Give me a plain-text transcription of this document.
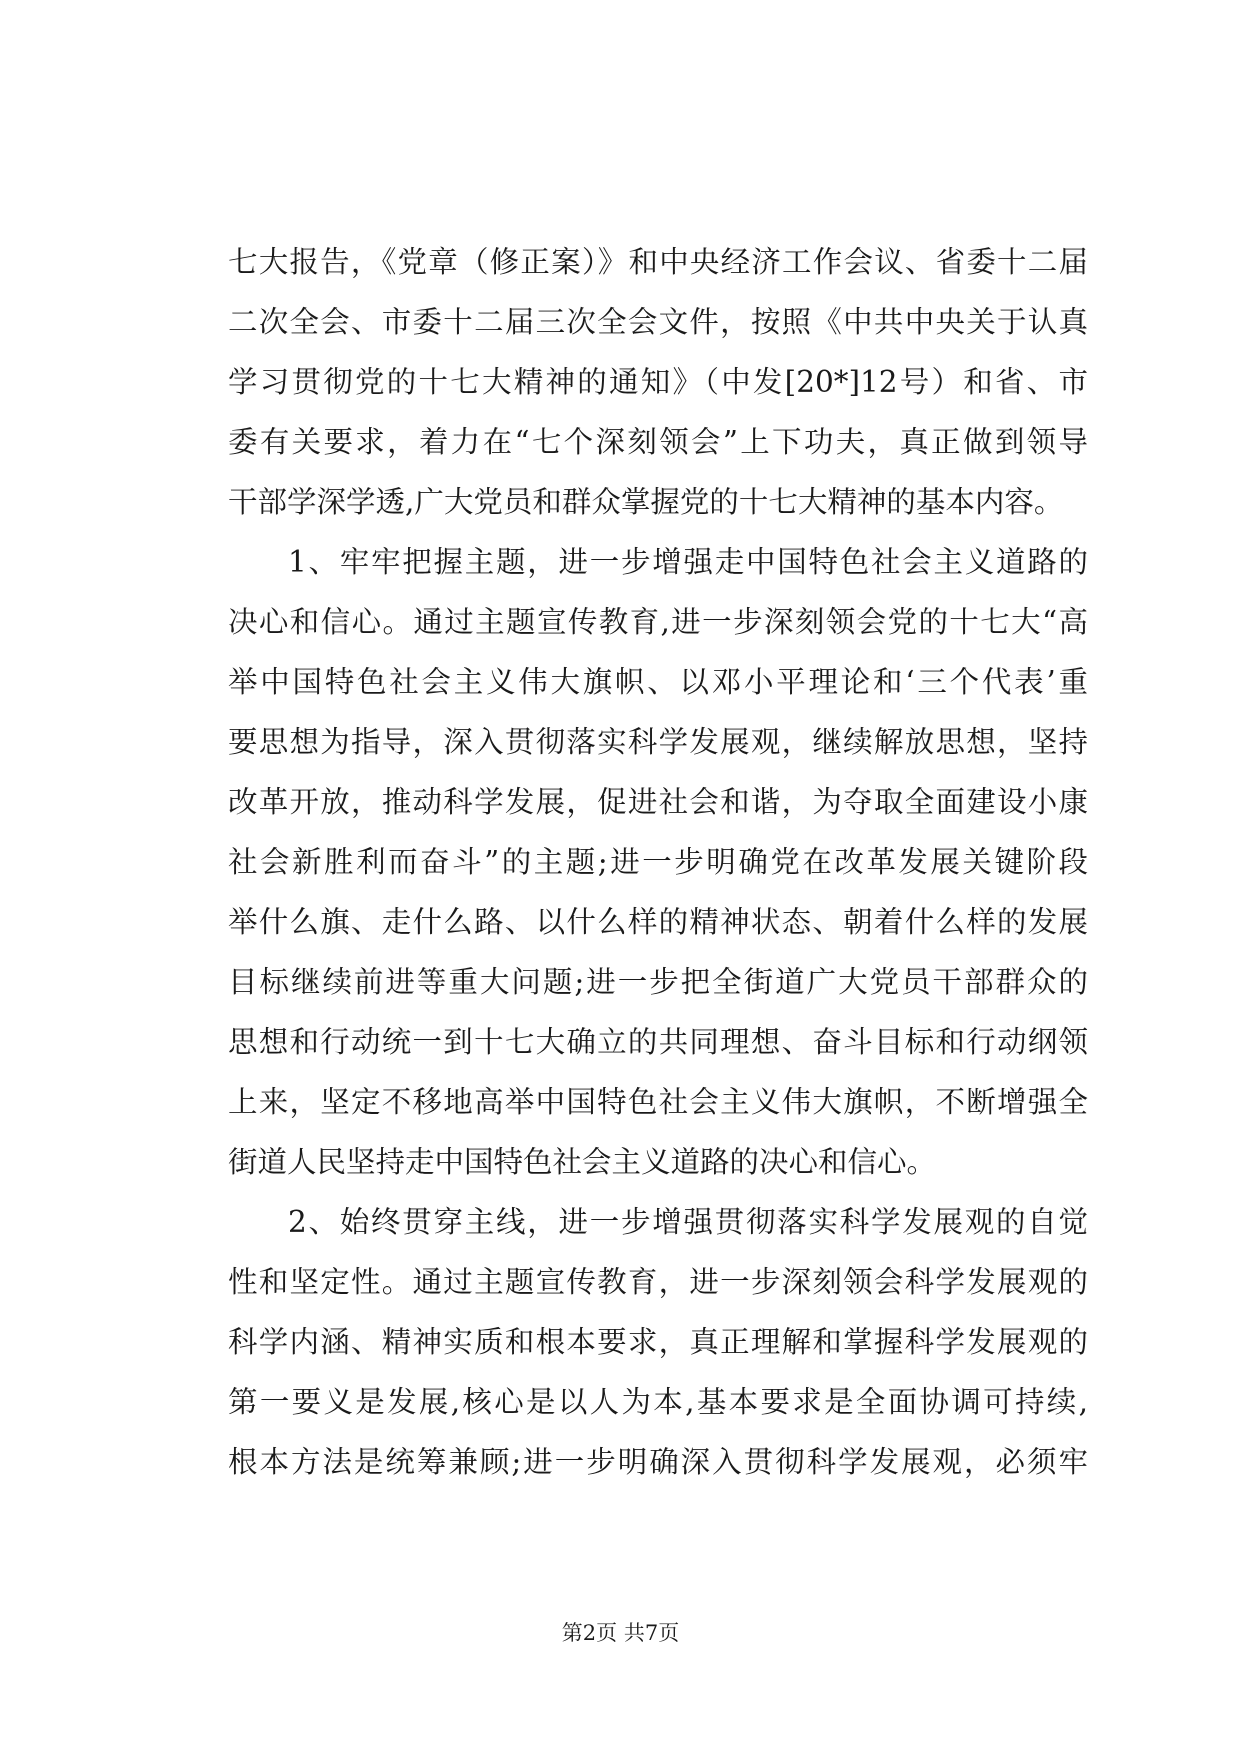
七大报告，《党章（修正案）》和中央经济工作会议、省委十二届
二次全会、市委十二届三次全会文件，按照《中共中央关于认真
学习贯彻党的十七大精神的通知》（中发[20*]12号）和省、市
委有关要求，着力在“七个深刻领会”上下功夫，真正做到领导
干部学深学透,广大党员和群众掌握党的十七大精神的基本内容。
1、牢牢把握主题，进一步增强走中国特色社会主义道路的
决心和信心。通过主题宣传教育,进一步深刻领会党的十七大“高
举中国特色社会主义伟大旗帜、以邓小平理论和‘三个代表’重
要思想为指导，深入贯彻落实科学发展观，继续解放思想，坚持
改革开放，推动科学发展，促进社会和谐，为夺取全面建设小康
社会新胜利而奋斗”的主题;进一步明确党在改革发展关键阶段
举什么旗、走什么路、以什么样的精神状态、朝着什么样的发展
目标继续前进等重大问题;进一步把全街道广大党员干部群众的
思想和行动统一到十七大确立的共同理想、奋斗目标和行动纲领
上来，坚定不移地高举中国特色社会主义伟大旗帜，不断增强全
街道人民坚持走中国特色社会主义道路的决心和信心。
2、始终贯穿主线，进一步增强贯彻落实科学发展观的自觉
性和坚定性。通过主题宣传教育，进一步深刻领会科学发展观的
科学内涵、精神实质和根本要求，真正理解和掌握科学发展观的
第一要义是发展,核心是以人为本,基本要求是全面协调可持续,
根本方法是统筹兼顾;进一步明确深入贯彻科学发展观，必须牢
第2页 共7页
